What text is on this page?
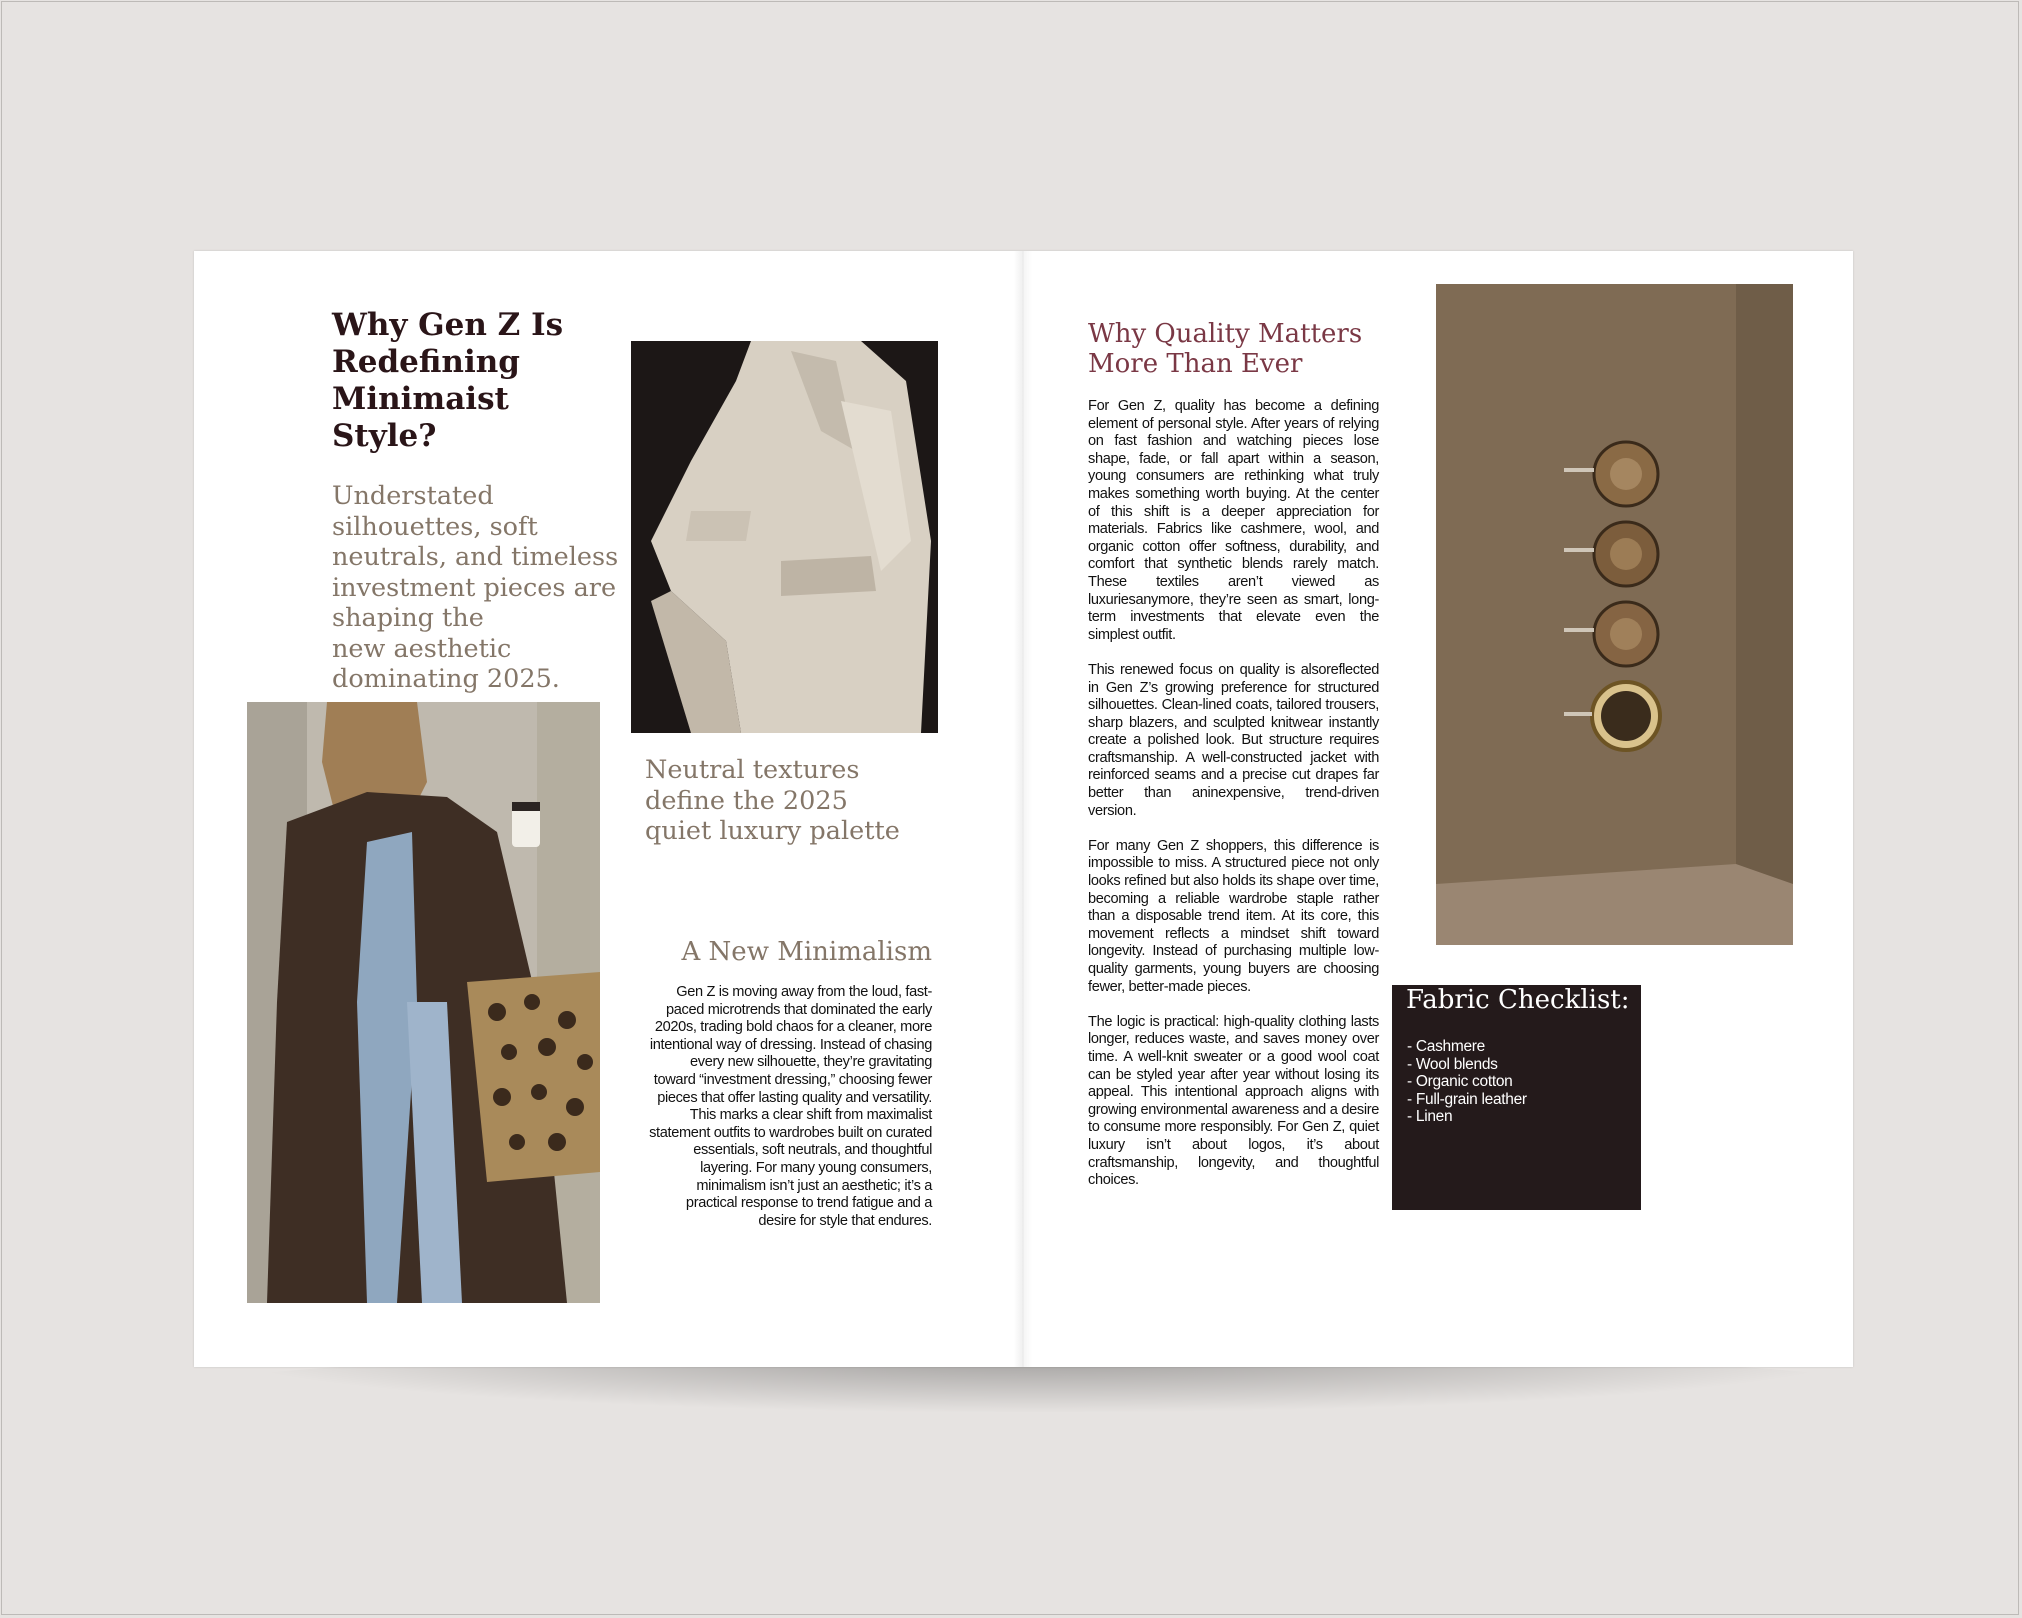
Why Gen Z Is
Redefining
Minimaist
Style?
Understated
silhouettes, soft
neutrals, and timeless
investment pieces are
shaping the
new aesthetic
dominating 2025.
Neutral textures
define the 2025
quiet luxury palette
A New Minimalism
Gen Z is moving away from the loud, fast-paced microtrends that dominated the early 2020s, trading bold chaos for a cleaner, more intentional way of dressing. Instead of chasing every new silhouette, they’re gravitating toward “investment dressing,” choosing fewer pieces that offer lasting quality and versatility. This marks a clear shift from maximalist statement outfits to wardrobes built on curated essentials, soft neutrals, and thoughtful layering. For many young consumers, minimalism isn’t just an aesthetic; it’s a practical response to trend fatigue and a desire for style that endures.
Why Quality Matters
More Than Ever

For Gen Z, quality has become a defining element of personal style. After years of relying on fast fashion and watching pieces lose shape, fade, or fall apart within a season, young consumers are rethinking what truly makes something worth buying. At the center of this shift is a deeper appreciation for materials. Fabrics like cashmere, wool, and organic cotton offer softness, durability, and comfort that synthetic blends rarely match. These textiles aren’t viewed as luxuriesanymore, they’re seen as smart, long-term investments that elevate even the simplest outfit.

This renewed focus on quality is alsoreflected in Gen Z’s growing preference for structured silhouettes. Clean-lined coats, tailored trousers, sharp blazers, and sculpted knitwear instantly create a polished look. But structure requires craftsmanship. A well-constructed jacket with reinforced seams and a precise cut drapes far better than aninexpensive, trend-driven version.

For many Gen Z shoppers, this difference is impossible to miss. A structured piece not only looks refined but also holds its shape over time, becoming a reliable wardrobe staple rather than a disposable trend item. At its core, this movement reflects a mindset shift toward longevity. Instead of purchasing multiple low-quality garments, young buyers are choosing fewer, better-made pieces.

The logic is practical: high-quality clothing lasts longer, reduces waste, and saves money over time. A well-knit sweater or a good wool coat can be styled year after year without losing its appeal. This intentional approach aligns with growing environmental awareness and a desire to consume more responsibly. For Gen Z, quiet luxury isn’t about logos, it’s about craftsmanship, longevity, and thoughtful choices.

Fabric Checklist:
- Cashmere
- Wool blends
- Organic cotton
- Full-grain leather
- Linen
